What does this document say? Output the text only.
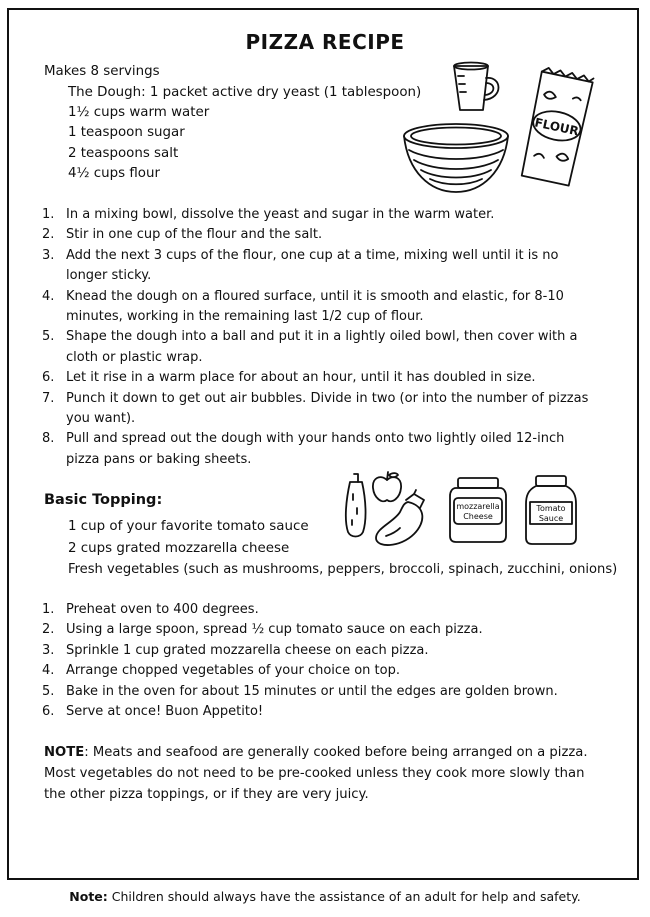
PIZZA RECIPE
Makes 8 servings
The Dough: 1 packet active dry yeast (1 tablespoon)
1½ cups warm water
1 teaspoon sugar
2 teaspoons salt
4½ cups flour
FLOUR
1. In a mixing bowl, dissolve the yeast and sugar in the warm water.
2. Stir in one cup of the flour and the salt.
3. Add the next 3 cups of the flour, one cup at a time, mixing well until it is no longer sticky.
4. Knead the dough on a floured surface, until it is smooth and elastic, for 8-10 minutes, working in the remaining last 1/2 cup of flour.
5. Shape the dough into a ball and put it in a lightly oiled bowl, then cover with a cloth or plastic wrap.
6. Let it rise in a warm place for about an hour, until it has doubled in size.
7. Punch it down to get out air bubbles. Divide in two (or into the number of pizzas you want).
8. Pull and spread out the dough with your hands onto two lightly oiled 12-inch pizza pans or baking sheets.
Basic Topping:	mozzarella
Cheese
Tomato
Sauce
1 cup of your favorite tomato sauce
2 cups grated mozzarella cheese
Fresh vegetables (such as mushrooms, peppers, broccoli, spinach, zucchini, onions)
1. Preheat oven to 400 degrees.
2. Using a large spoon, spread ½ cup tomato sauce on each pizza.
3. Sprinkle 1 cup grated mozzarella cheese on each pizza.
4. Arrange chopped vegetables of your choice on top.
5. Bake in the oven for about 15 minutes or until the edges are golden brown.
6. Serve at once! Buon Appetito!
NOTE: Meats and seafood are generally cooked before being arranged on a pizza. Most vegetables do not need to be pre-cooked unless they cook more slowly than the other pizza toppings, or if they are very juicy.
Note: Children should always have the assistance of an adult for help and safety.
